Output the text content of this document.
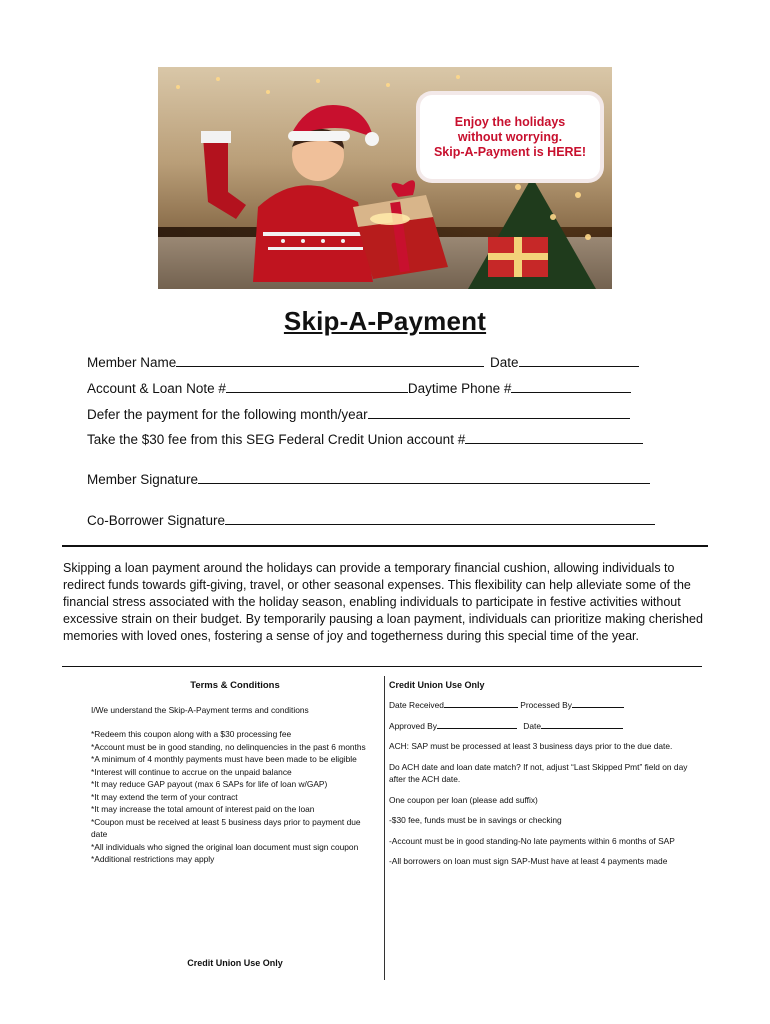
Enjoy the holidays
without worrying.
Skip-A-Payment is HERE!
Skip-A-Payment
Member Name	Date
Account & Loan Note #	Daytime Phone #
Defer the payment for the following month/year
Take the $30 fee from this SEG Federal Credit Union account #
Member Signature
Co-Borrower Signature
Skipping a loan payment around the holidays can provide a temporary financial cushion, allowing individuals to redirect funds towards gift-giving, travel, or other seasonal expenses. This flexibility can help alleviate some of the financial stress associated with the holiday season, enabling individuals to participate in festive activities without excessive strain on their budget. By temporarily pausing a loan payment, individuals can prioritize making cherished memories with loved ones, fostering a sense of joy and togetherness during this special time of the year.
Terms & Conditions
I/We understand the Skip-A-Payment terms and conditions
*Redeem this coupon along with a $30 processing fee
*Account must be in good standing, no delinquencies in the past 6 months
*A minimum of 4 monthly payments must have been made to be eligible
*Interest will continue to accrue on the unpaid balance
*It may reduce GAP payout (max 6 SAPs for life of loan w/GAP)
*It may extend the term of your contract
*It may increase the total amount of interest paid on the loan
*Coupon must be received at least 5 business days prior to payment due date
*All individuals who signed the original loan document must sign coupon
*Additional restrictions may apply
Credit Union Use Only
Credit Union Use Only
Date Received	Processed By
Approved By	Date
ACH: SAP must be processed at least 3 business days prior to the due date.
Do ACH date and loan date match? If not, adjust “Last Skipped Pmt” field on day after the ACH date.
One coupon per loan (please add suffix)
-$30 fee, funds must be in savings or checking
-Account must be in good standing-No late payments within 6 months of SAP
-All borrowers on loan must sign SAP-Must have at least 4 payments made
